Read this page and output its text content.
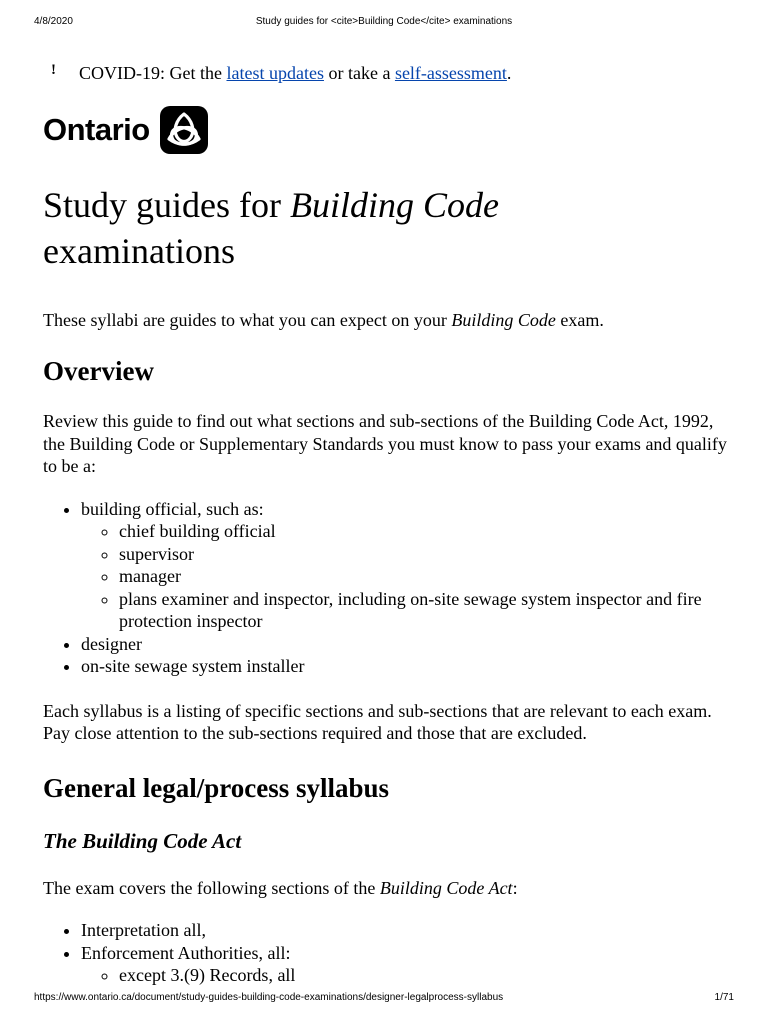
4/8/2020	Study guides for <cite>Building Code</cite> examinations
! COVID-19: Get the latest updates or take a self-assessment.
Ontario
Study guides for Building Code
examinations
These syllabi are guides to what you can expect on your Building Code exam.
Overview

Review this guide to find out what sections and sub-sections of the Building Code Act, 1992, the Building Code or Supplementary Standards you must know to pass your exams and qualify to be a:

• building official, such as:
◦ chief building official
◦ supervisor
◦ manager
◦ plans examiner and inspector, including on-site sewage system inspector and fire protection inspector
• designer
• on-site sewage system installer

Each syllabus is a listing of specific sections and sub-sections that are relevant to each exam.
Pay close attention to the sub-sections required and those that are excluded.

General legal/process syllabus
The Building Code Act

The exam covers the following sections of the Building Code Act:

• Interpretation all,
• Enforcement Authorities, all:
◦ except 3.(9) Records, all
https://www.ontario.ca/document/study-guides-building-code-examinations/designer-legalprocess-syllabus	1/71
